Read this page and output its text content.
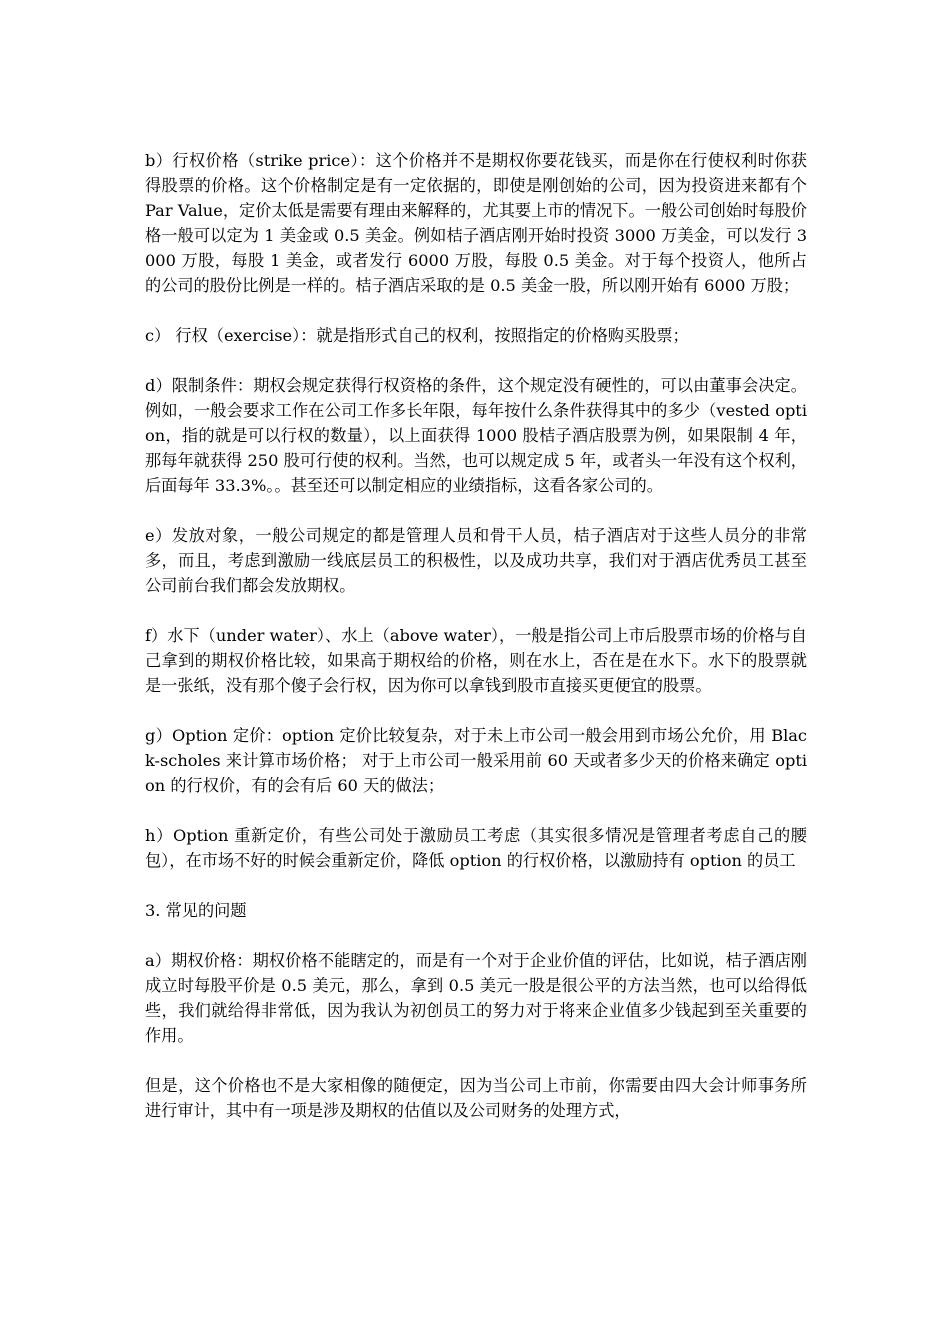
b）行权价格（strike price）：这个价格并不是期权你要花钱买，而是你在行使权利时你获得股票的价格。这个价格制定是有一定依据的，即使是刚创始的公司，因为投资进来都有个 Par Value，定价太低是需要有理由来解释的，尤其要上市的情况下。一般公司创始时每股价格一般可以定为 1 美金或 0.5 美金。例如桔子酒店刚开始时投资 3000 万美金，可以发行 3000 万股，每股 1 美金，或者发行 6000 万股，每股 0.5 美金。对于每个投资人，他所占的公司的股份比例是一样的。桔子酒店采取的是 0.5 美金一股，所以刚开始有 6000 万股；

c） 行权（exercise）：就是指形式自己的权利，按照指定的价格购买股票；

d）限制条件：期权会规定获得行权资格的条件，这个规定没有硬性的，可以由董事会决定。例如，一般会要求工作在公司工作多长年限，每年按什么条件获得其中的多少（vested option，指的就是可以行权的数量），以上面获得 1000 股桔子酒店股票为例，如果限制 4 年，那每年就获得 250 股可行使的权利。当然，也可以规定成 5 年，或者头一年没有这个权利，后面每年 33.3%。。甚至还可以制定相应的业绩指标，这看各家公司的。

e）发放对象，一般公司规定的都是管理人员和骨干人员，桔子酒店对于这些人员分的非常多，而且，考虑到激励一线底层员工的积极性，以及成功共享，我们对于酒店优秀员工甚至公司前台我们都会发放期权。

f）水下（under water）、水上（above water），一般是指公司上市后股票市场的价格与自己拿到的期权价格比较，如果高于期权给的价格，则在水上，否在是在水下。水下的股票就是一张纸，没有那个傻子会行权，因为你可以拿钱到股市直接买更便宜的股票。

g）Option 定价：option 定价比较复杂，对于未上市公司一般会用到市场公允价，用 Black-scholes 来计算市场价格； 对于上市公司一般采用前 60 天或者多少天的价格来确定 option 的行权价，有的会有后 60 天的做法；

h）Option 重新定价，有些公司处于激励员工考虑（其实很多情况是管理者考虑自己的腰包），在市场不好的时候会重新定价，降低 option 的行权价格，以激励持有 option 的员工

3. 常见的问题

a）期权价格：期权价格不能瞎定的，而是有一个对于企业价值的评估，比如说，桔子酒店刚成立时每股平价是 0.5 美元，那么，拿到 0.5 美元一股是很公平的方法当然，也可以给得低些，我们就给得非常低，因为我认为初创员工的努力对于将来企业值多少钱起到至关重要的作用。

但是，这个价格也不是大家相像的随便定，因为当公司上市前，你需要由四大会计师事务所进行审计，其中有一项是涉及期权的估值以及公司财务的处理方式，
